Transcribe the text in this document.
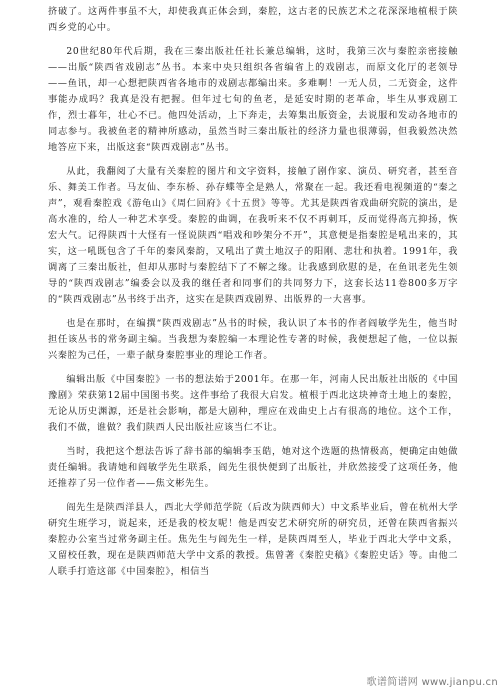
挤破了。这两件事虽不大，却使我真正体会到，秦腔，这古老的民族艺术之花深深地植根于陕西乡党的心中。

20世纪80年代后期，我在三秦出版社任社长兼总编辑，这时，我第三次与秦腔亲密接触——出版“陕西省戏剧志”丛书。本来中央只组织各省编省上的戏剧志，而原文化厅的老领导——鱼讯，却一心想把陕西省各地市的戏剧志都编出来。多难啊！一无人员，二无资金，这件事能办成吗？我真是没有把握。但年过七旬的鱼老，是延安时期的老革命，毕生从事戏剧工作，烈士暮年，壮心不已。他四处活动，上下奔走，去筹集出版资金，去说服和发动各地市的同志参与。我被鱼老的精神所感动，虽然当时三秦出版社的经济力量也很薄弱，但我毅然决然地答应下来，出版这套“陕西戏剧志”丛书。

从此，我翻阅了大量有关秦腔的图片和文字资料，接触了剧作家、演员、研究者，甚至音乐、舞美工作者。马友仙、李东桥、孙存蝶等全是熟人，常聚在一起。我还看电视频道的“秦之声”，观看秦腔戏《游龟山》《周仁回府》《十五贯》等等。尤其是陕西省戏曲研究院的演出，是高水准的，给人一种艺术享受。秦腔的曲调，在我听来不仅不再刺耳，反而觉得高亢抑扬，恢宏大气。记得陕西十大怪有一怪说陕西“唱戏和吵架分不开”，其意便是指秦腔是吼出来的，其实，这一吼既包含了千年的秦风秦韵，又吼出了黄土地汉子的阳刚、悲壮和执着。1991年，我调离了三秦出版社，但却从那时与秦腔结下了不解之缘。让我感到欣慰的是，在鱼讯老先生领导的“陕西戏剧志”编委会以及我的继任者和同事们的共同努力下，这套长达11卷800多万字的“陕西戏剧志”丛书终于出齐，这实在是陕西戏剧界、出版界的一大喜事。

也是在那时，在编撰“陕西戏剧志”丛书的时候，我认识了本书的作者阎敏学先生，他当时担任该丛书的常务副主编。当我想为秦腔编一本理论性专著的时候，我便想起了他，一位以振兴秦腔为己任，一辈子献身秦腔事业的理论工作者。

编辑出版《中国秦腔》一书的想法始于2001年。在那一年，河南人民出版社出版的《中国豫剧》荣获第12届中国图书奖。这件事给了我很大启发。植根于西北这块神奇土地上的秦腔，无论从历史渊源，还是社会影响，都是大剧种，理应在戏曲史上占有很高的地位。这个工作，我们不做，谁做？我们陕西人民出版社应该当仁不让。

当时，我把这个想法告诉了辞书部的编辑李玉皓，她对这个选题的热情极高，便确定由她做责任编辑。我请她和阎敏学先生联系，阎先生很快便到了出版社，并欣然接受了这项任务，他还推荐了另一位作者——焦文彬先生。

阎先生是陕西洋县人，西北大学师范学院（后改为陕西师大）中文系毕业后，曾在杭州大学研究生班学习，说起来，还是我的校友呢！他是西安艺术研究所的研究员，还曾在陕西省振兴秦腔办公室当过常务副主任。焦先生与阎先生一样，是陕西周至人，毕业于西北大学中文系，又留校任教，现在是陕西师范大学中文系的教授。焦曾著《秦腔史稿》《秦腔史话》等。由他二人联手打造这部《中国秦腔》，相信当

歌谱简谱网 www.jianpu.cn
